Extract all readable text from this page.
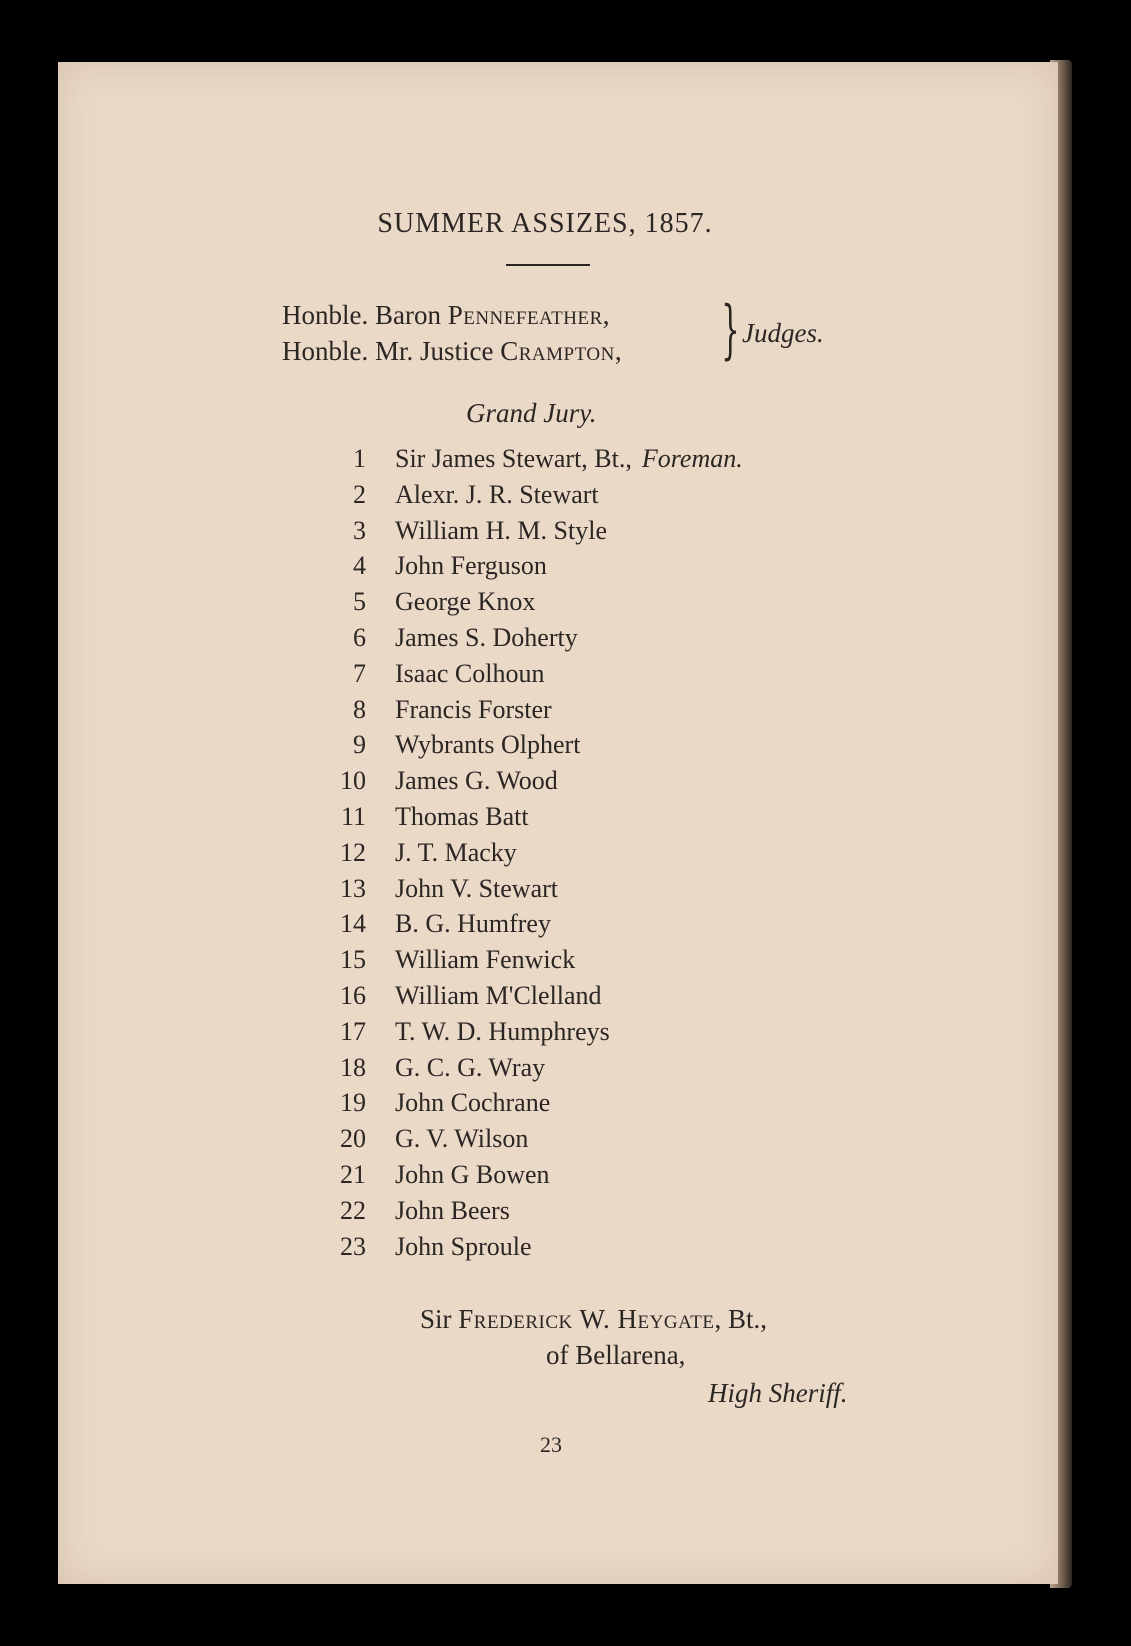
SUMMER ASSIZES, 1857.
Honble. Baron Pennefeather,
Honble. Mr. Justice Crampton, } Judges.
Grand Jury.
1 Sir James Stewart, Bt., Foreman.
2 Alexr. J. R. Stewart
3 William H. M. Style
4 John Ferguson
5 George Knox
6 James S. Doherty
7 Isaac Colhoun
8 Francis Forster
9 Wybrants Olphert
10 James G. Wood
11 Thomas Batt
12 J. T. Macky
13 John V. Stewart
14 B. G. Humfrey
15 William Fenwick
16 William M'Clelland
17 T. W. D. Humphreys
18 G. C. G. Wray
19 John Cochrane
20 G. V. Wilson
21 John G Bowen
22 John Beers
23 John Sproule
Sir Frederick W. Heygate, Bt.,
of Bellarena,
High Sheriff.
23
